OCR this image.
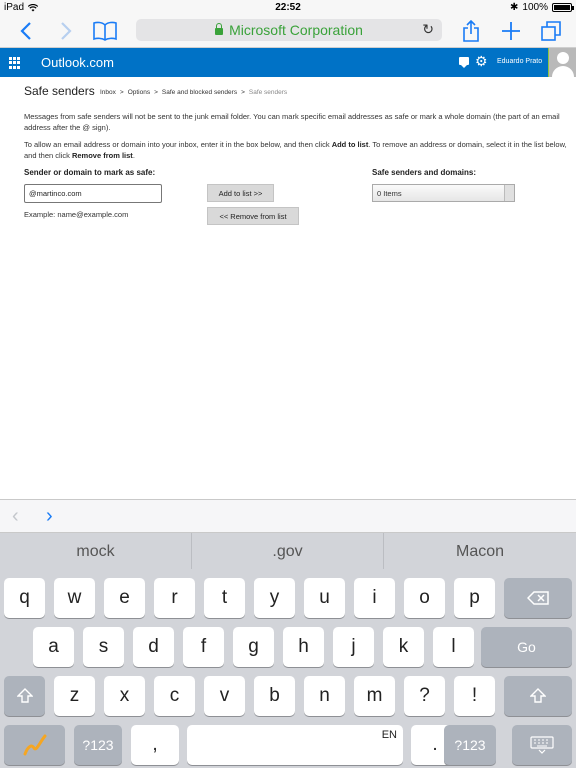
iPad	22:52	✱ 100%
Microsoft Corporation	↻
Outlook.com	⚙ Eduardo Prato
Safe senders Inbox > Options > Safe and blocked senders > Safe senders
Messages from safe senders will not be sent to the junk email folder. You can mark specific email addresses as safe or mark a whole domain (the part of an email address after the @ sign).
To allow an email address or domain into your inbox, enter it in the box below, and then click Add to list. To remove an address or domain, select it in the list below, and then click Remove from list.
Sender or domain to mark as safe:
@martinco.com
Example: name@example.com
Add to list >>
<< Remove from list
Safe senders and domains:
0 Items
‹ ›
mock	.gov	Macon
q	w	e	r	t	y	u	i	o	p
a	s	d	f	g	h	j	k	l	Go
z	x	c	v	b	n	m	?	!
?123	,	EN	.	?123
